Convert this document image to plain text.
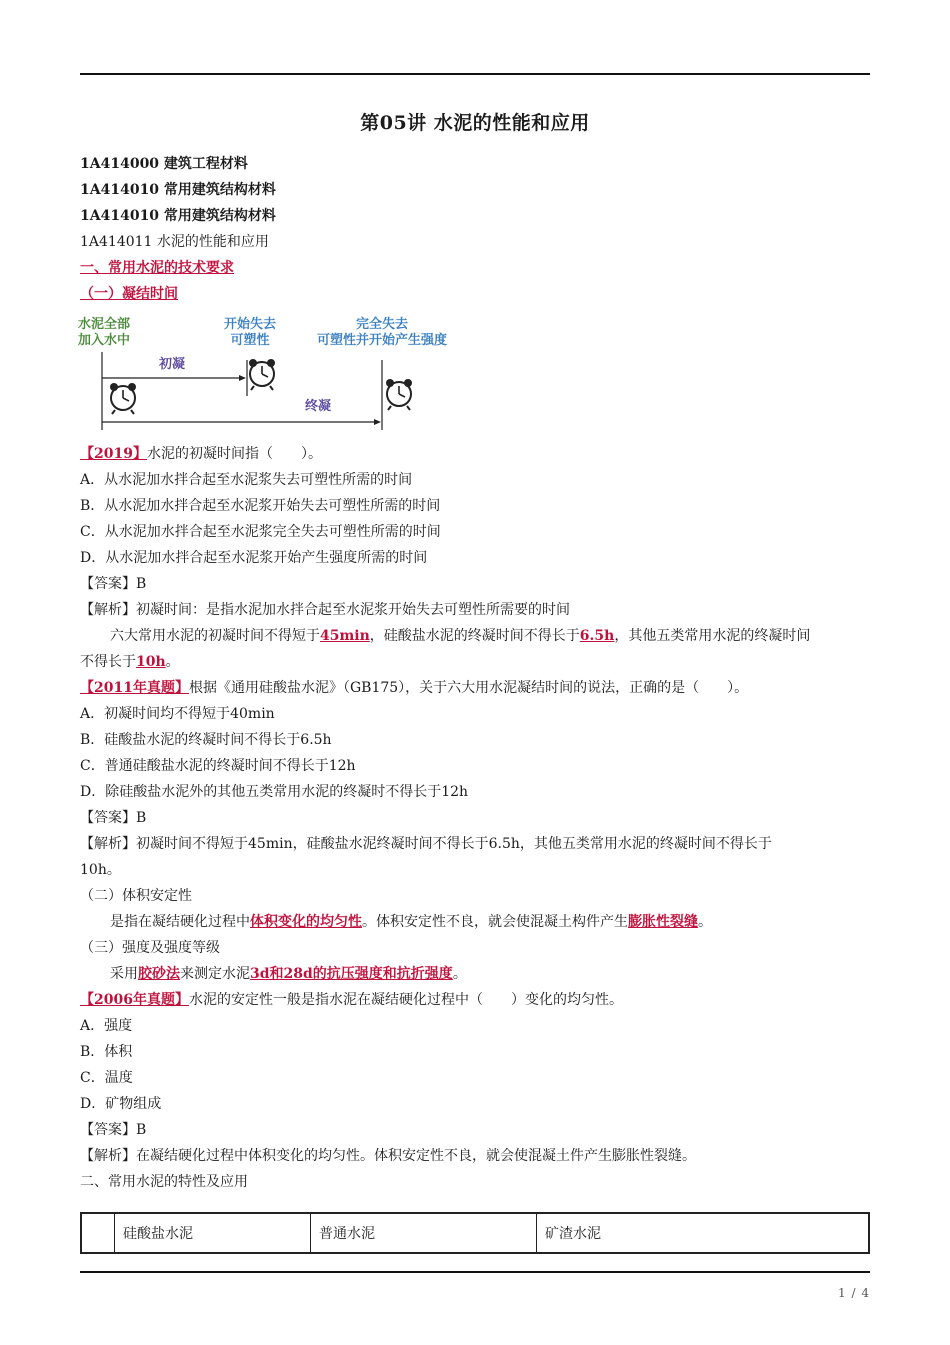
第05讲 水泥的性能和应用
1A414000 建筑工程材料
1A414010 常用建筑结构材料
1A414010 常用建筑结构材料
1A414011 水泥的性能和应用
一、常用水泥的技术要求
（一）凝结时间
水泥全部
加入水中
开始失去
可塑性
完全失去
可塑性并开始产生强度
初凝
终凝
【2019】水泥的初凝时间指（　　）。
A．从水泥加水拌合起至水泥浆失去可塑性所需的时间
B．从水泥加水拌合起至水泥浆开始失去可塑性所需的时间
C．从水泥加水拌合起至水泥浆完全失去可塑性所需的时间
D．从水泥加水拌合起至水泥浆开始产生强度所需的时间
【答案】B
【解析】初凝时间：是指水泥加水拌合起至水泥浆开始失去可塑性所需要的时间
六大常用水泥的初凝时间不得短于45min，硅酸盐水泥的终凝时间不得长于6.5h，其他五类常用水泥的终凝时间
不得长于10h。
【2011年真题】根据《通用硅酸盐水泥》（GB175），关于六大用水泥凝结时间的说法，正确的是（　　）。
A．初凝时间均不得短于40min
B．硅酸盐水泥的终凝时间不得长于6.5h
C．普通硅酸盐水泥的终凝时间不得长于12h
D．除硅酸盐水泥外的其他五类常用水泥的终凝时不得长于12h
【答案】B
【解析】初凝时间不得短于45min，硅酸盐水泥终凝时间不得长于6.5h，其他五类常用水泥的终凝时间不得长于
10h。
（二）体积安定性
是指在凝结硬化过程中体积变化的均匀性。体积安定性不良，就会使混凝土构件产生膨胀性裂缝。
（三）强度及强度等级
采用胶砂法来测定水泥3d和28d的抗压强度和抗折强度。
【2006年真题】水泥的安定性一般是指水泥在凝结硬化过程中（　　）变化的均匀性。
A．强度
B．体积
C．温度
D．矿物组成
【答案】B
【解析】在凝结硬化过程中体积变化的均匀性。体积安定性不良，就会使混凝土件产生膨胀性裂缝。
二、常用水泥的特性及应用
硅酸盐水泥	普通水泥	矿渣水泥
1 / 4
